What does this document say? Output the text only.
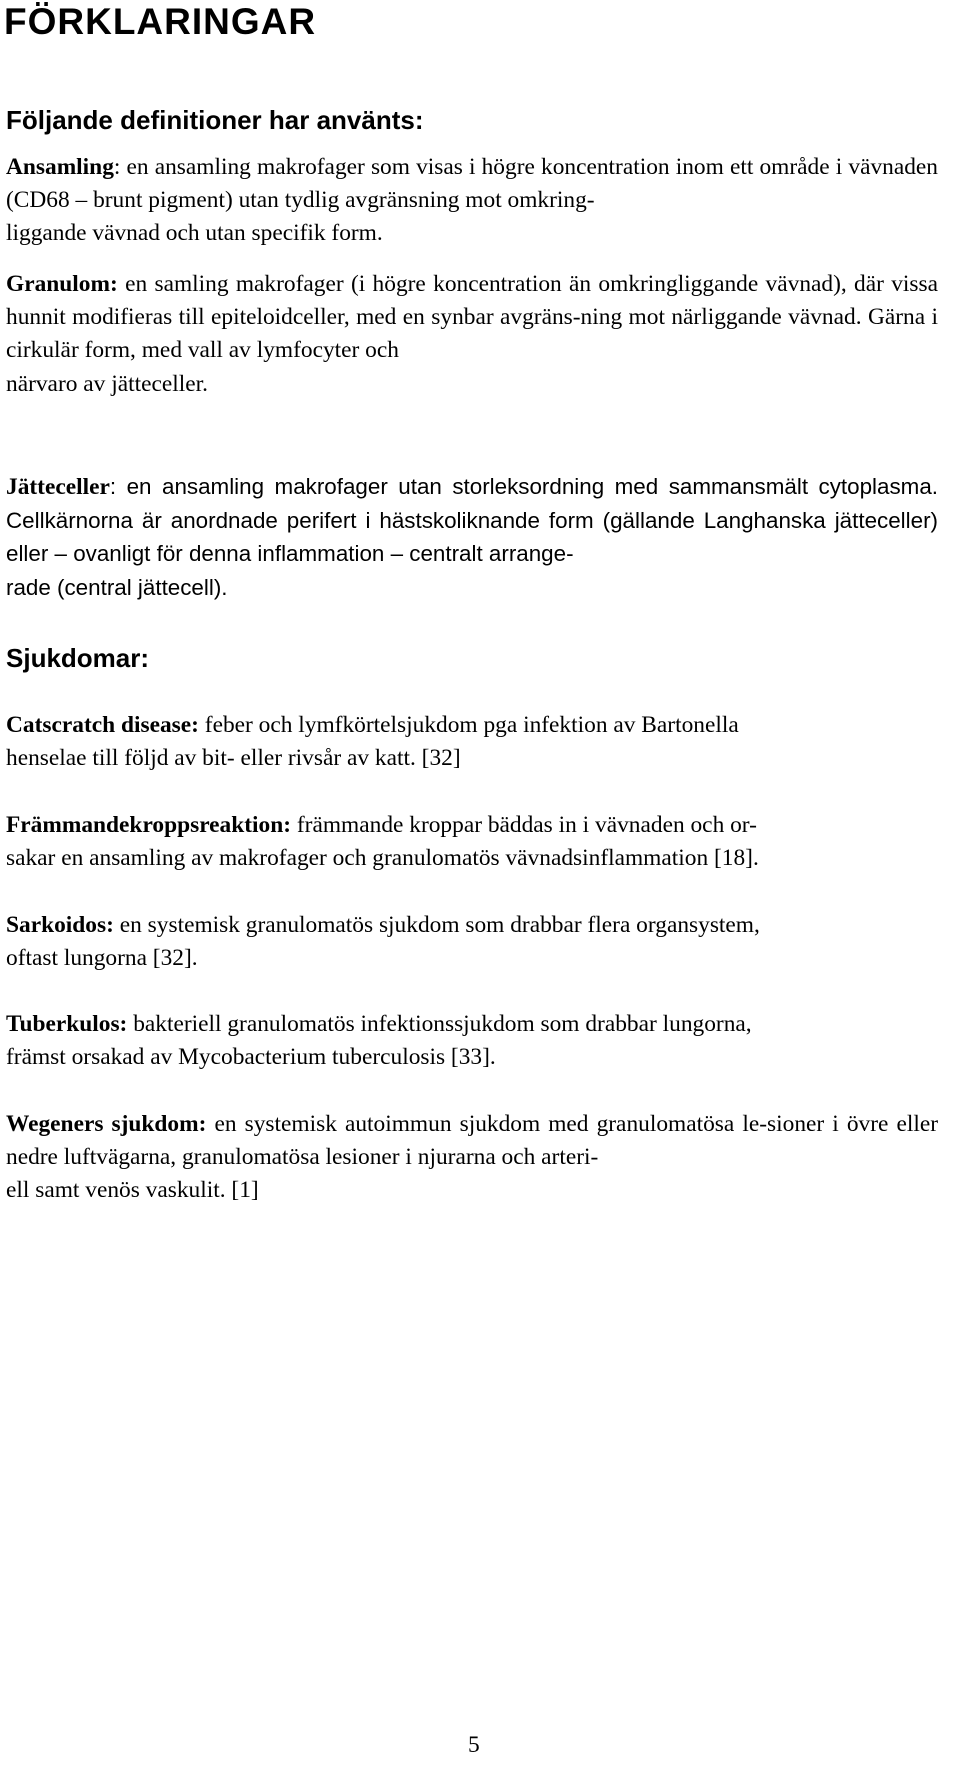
FÖRKLARINGAR
Följande definitioner har använts:

Ansamling: en ansamling makrofager som visas i högre koncentration inom ett område i vävnaden (CD68 – brunt pigment) utan tydlig avgränsning mot omkring-
liggande vävnad och utan specifik form.

Granulom: en samling makrofager (i högre koncentration än omkringliggande vävnad), där vissa hunnit modifieras till epiteloidceller, med en synbar avgräns-ning mot närliggande vävnad. Gärna i cirkulär form, med vall av lymfocyter och
närvaro av jätteceller.

Jätteceller: en ansamling makrofager utan storleksordning med sammansmält cytoplasma. Cellkärnorna är anordnade perifert i hästskoliknande form (gällande Langhanska jätteceller) eller – ovanligt för denna inflammation – centralt arrange-
rade (central jättecell).

Sjukdomar:

Catscratch disease: feber och lymfkörtelsjukdom pga infektion av Bartonella
henselae till följd av bit- eller rivsår av katt. [32]

Främmandekroppsreaktion: främmande kroppar bäddas in i vävnaden och or-
sakar en ansamling av makrofager och granulomatös vävnadsinflammation [18].

Sarkoidos: en systemisk granulomatös sjukdom som drabbar flera organsystem,
oftast lungorna [32].

Tuberkulos: bakteriell granulomatös infektionssjukdom som drabbar lungorna,
främst orsakad av Mycobacterium tuberculosis [33].

Wegeners sjukdom: en systemisk autoimmun sjukdom med granulomatösa le-sioner i övre eller nedre luftvägarna, granulomatösa lesioner i njurarna och arteri-
ell samt venös vaskulit. [1]

5
